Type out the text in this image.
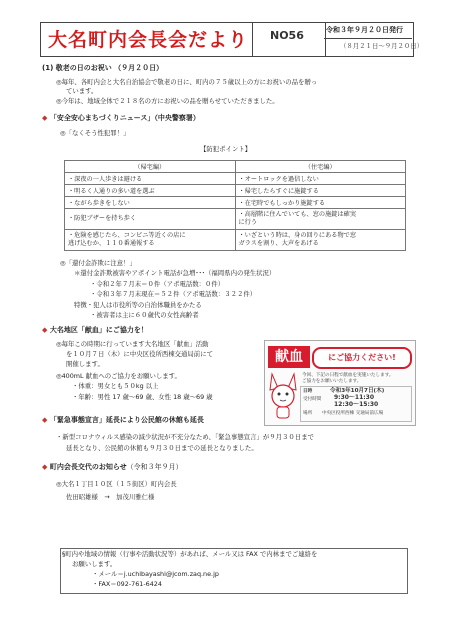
大名町内会長会だより NO56	令和３年９月２０日発行
（８月２１日～９月２０日）
(1) 敬老の日のお祝い （９月２０日）
◎毎年、各町内会と大名自治協会で敬老の日に、町内の７５歳以上の方にお祝いの品を贈っ
ています。
◎今年は、地域全体で２１８名の方にお祝いの品を贈らせていただきました。
◆ 「安全安心まちづくりニュース」（中央警察署）
◎「なくそう性犯罪！」
【防犯ポイント】
（帰宅編）	（住宅編）
・深夜の一人歩きは避ける	・オートロックを過信しない
・明るく人通りの多い道を選ぶ	・帰宅したらすぐに施錠する
・ながら歩きをしない	・在宅時でもしっかり施錠する
・防犯ブザーを持ち歩く	・高層階に住んでいても、窓の施錠は確実
に行う
・危険を感じたら、コンビニ等近くの店に
逃げ込むか、１１０番通報する	・いざという時は、身の回りにある物で窓
ガラスを割り、大声をあげる
◎「還付金詐欺に注意！」
＊還付金詐欺被害やアポイント電話が急増･･･（福岡県内の発生状況）
・令和２年７月末＝０件（アポ電話数：０件）
・令和３年７月末現在＝５２件（アポ電話数：３２２件）
特徴・犯人は市役所等の自治体職員をかたる
・被害者は主に６０歳代の女性高齢者
◆ 大名地区「献血」にご協力を！
◎毎年この時期に行っています大名地区「献血」活動
を１０月７日（木）に中央区役所西棟交通局前にて
開催します。
◎400mL 献血へのご協力をお願いします。
・体重：男女とも５０kg 以上
・年齢：男性 17 歳～69 歳、女性 18 歳～69 歳
献血	にご協力ください!
今回、下記の日程で献血を実施いたします。
ご協力をお願いいたします。
日時	令和3年10月7日(木)
受付時間 9:30～11:30
12:30～15:30
場所 中央区役所西棟 交通局前広場
◆ 「緊急事態宣言」延長により公民館の休館も延長
・新型コロナウィルス感染の減少状況が不充分なため、「緊急事態宣言」が９月３０日まで
延長となり、公民館の休館も９月３０日までの延長となりました。
◆ 町内会長交代のお知らせ（令和３年９月）
◎大名１丁目１０区（１５街区）町内会長
佐田昭雄様　→　加茂川雅仁様
§町内や地域の情報（行事や活動状況等）があれば、メール又は FAX で内林までご連絡を
お願いします。
・メール＝j.uchibayashi@jcom.zaq.ne.jp
・FAX＝092-761-6424
